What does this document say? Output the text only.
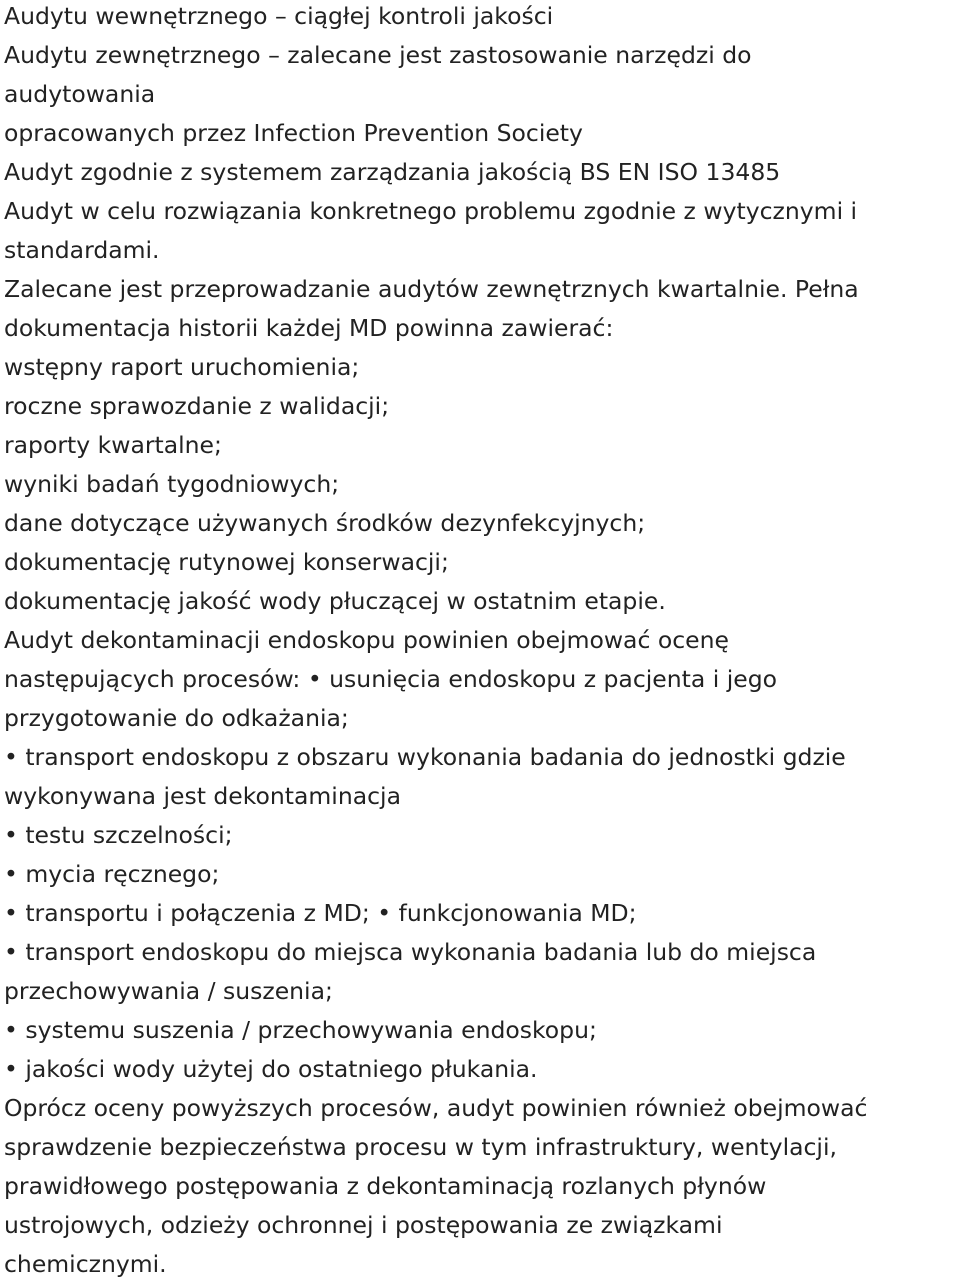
Audytu wewnętrznego – ciągłej kontroli jakości
Audytu zewnętrznego – zalecane jest zastosowanie narzędzi do
audytowania
opracowanych przez Infection Prevention Society
Audyt zgodnie z systemem zarządzania jakością BS EN ISO 13485
Audyt w celu rozwiązania konkretnego problemu zgodnie z wytycznymi i
standardami.
Zalecane jest przeprowadzanie audytów zewnętrznych kwartalnie. Pełna
dokumentacja historii każdej MD powinna zawierać:
wstępny raport uruchomienia;
roczne sprawozdanie z walidacji;
raporty kwartalne;
wyniki badań tygodniowych;
dane dotyczące używanych środków dezynfekcyjnych;
dokumentację rutynowej konserwacji;
dokumentację jakość wody płuczącej w ostatnim etapie.
Audyt dekontaminacji endoskopu powinien obejmować ocenę
następujących procesów: • usunięcia endoskopu z pacjenta i jego
przygotowanie do odkażania;
• transport endoskopu z obszaru wykonania badania do jednostki gdzie
wykonywana jest dekontaminacja
• testu szczelności;
• mycia ręcznego;
• transportu i połączenia z MD; • funkcjonowania MD;
• transport endoskopu do miejsca wykonania badania lub do miejsca
przechowywania / suszenia;
• systemu suszenia / przechowywania endoskopu;
• jakości wody użytej do ostatniego płukania.
Oprócz oceny powyższych procesów, audyt powinien również obejmować
sprawdzenie bezpieczeństwa procesu w tym infrastruktury, wentylacji,
prawidłowego postępowania z dekontaminacją rozlanych płynów
ustrojowych, odzieży ochronnej i postępowania ze związkami
chemicznymi.
